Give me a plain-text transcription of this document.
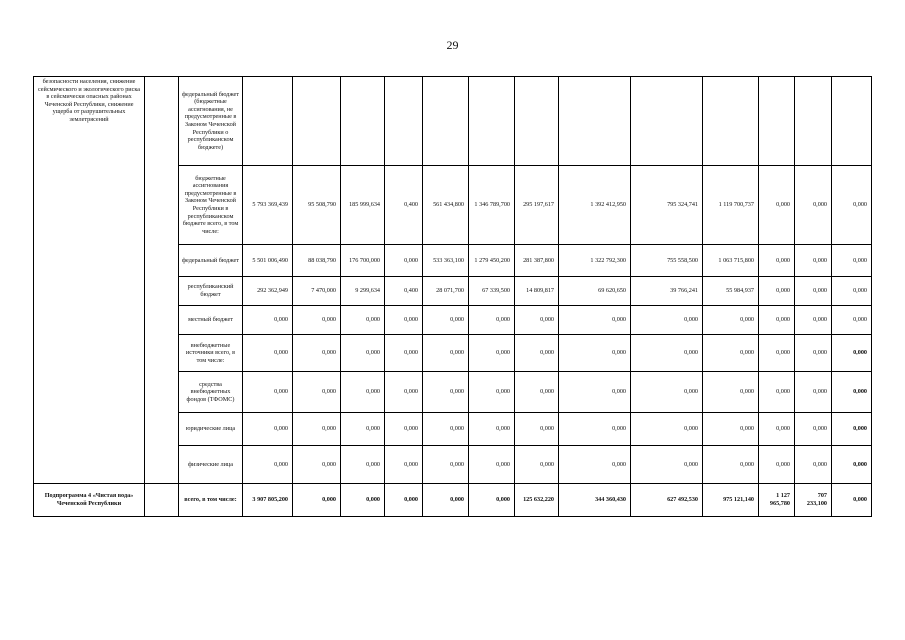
29
безопасности населения, снижение сейсмического и экологического риска в сейсмически опасных районах Чеченской Республики, снижение ущерба от разрушительных землетрясений		федеральный бюджет (бюджетные ассигнования, не предусмотренные в Законом Чеченской Республики о республиканском бюджете)													
		бюджетные ассигнования предусмотренные в Законом Чеченской Республики в республиканском бюджете всего, в том числе:	5 793 369,439	95 508,790	185 999,634	0,400	561 434,800	1 346 789,700	295 197,617	1 392 412,950	795 324,741	1 119 700,737	0,000	0,000	0,000
		федеральный бюджет	5 501 006,490	88 038,790	176 700,000	0,000	533 363,100	1 279 450,200	281 387,800	1 322 792,300	755 558,500	1 063 715,800	0,000	0,000	0,000
		республиканский бюджет	292 362,949	7 470,000	9 299,634	0,400	28 071,700	67 339,500	14 809,817	69 620,650	39 766,241	55 984,937	0,000	0,000	0,000
		местный бюджет	0,000	0,000	0,000	0,000	0,000	0,000	0,000	0,000	0,000	0,000	0,000	0,000	0,000
		внебюджетные источники всего, в том числе:	0,000	0,000	0,000	0,000	0,000	0,000	0,000	0,000	0,000	0,000	0,000	0,000	0,000
		средства внебюджетных фондов (ТФОМС)	0,000	0,000	0,000	0,000	0,000	0,000	0,000	0,000	0,000	0,000	0,000	0,000	0,000
		юридические лица	0,000	0,000	0,000	0,000	0,000	0,000	0,000	0,000	0,000	0,000	0,000	0,000	0,000
		физические лица	0,000	0,000	0,000	0,000	0,000	0,000	0,000	0,000	0,000	0,000	0,000	0,000	0,000
Подпрограмма 4 «Чистая вода» Чеченской Республики		всего, в том числе:	3 907 805,200	0,000	0,000	0,000	0,000	0,000	125 632,220	344 360,430	627 492,530	975 121,140	1 127 965,780	707 233,100	0,000
